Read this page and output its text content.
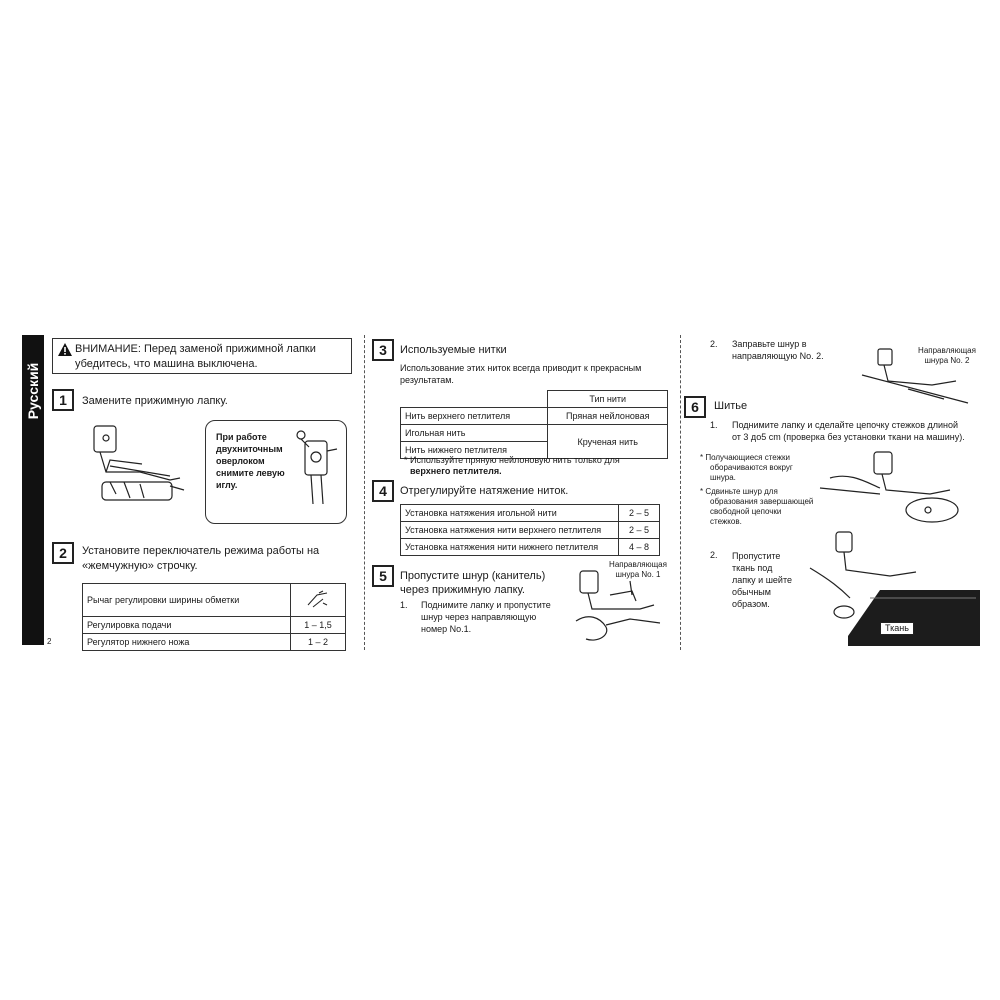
Русский
ВНИМАНИЕ: Перед заменой прижимной лапки
убедитесь, что машина выключена.
1	Замените прижимную лапку.
При работе
двухниточным
оверлоком
снимите левую
иглу.
2	Установите переключатель режима работы на
«жемчужную» строчку.
Рычаг регулировки ширины обметки	
Регулировка подачи	1 – 1,5
Регулятор нижнего ножа	1 – 2
2
3	Используемые нитки
Использование этих ниток всегда приводит к прекрасным
результатам.
	Тип нити
Нить верхнего петлителя	Пряная нейлоновая
Игольная нить	Крученая нить
Нить нижнего петлителя	
* Используйте пряную нейлоновую нить только для
верхнего петлителя.
4	Отрегулируйте натяжение ниток.
Установка натяжения игольной нити	2 – 5
Установка натяжения нити верхнего петлителя	2 – 5
Установка натяжения нити нижнего петлителя	4 – 8
5	Пропустите шнур (канитель)
через прижимную лапку.
1. Поднимите лапку и пропустите
шнур через направляющую
номер No.1.
Направляющая
шнура No. 1
2. Заправьте шнур в
направляющую No. 2.
Направляющая
шнура No. 2
6	Шитье
1. Поднимите лапку и сделайте цепочку стежков длиной
от 3 до5 cm (проверка без установки ткани на машину).
* Получающиеся стежки
оборачиваются вокруг
шнура.
* Сдвиньте шнур для
образования завершающей
свободной цепочки
стежков.
2. Пропустите
ткань под
лапку и шейте
обычным
образом.
Ткань
